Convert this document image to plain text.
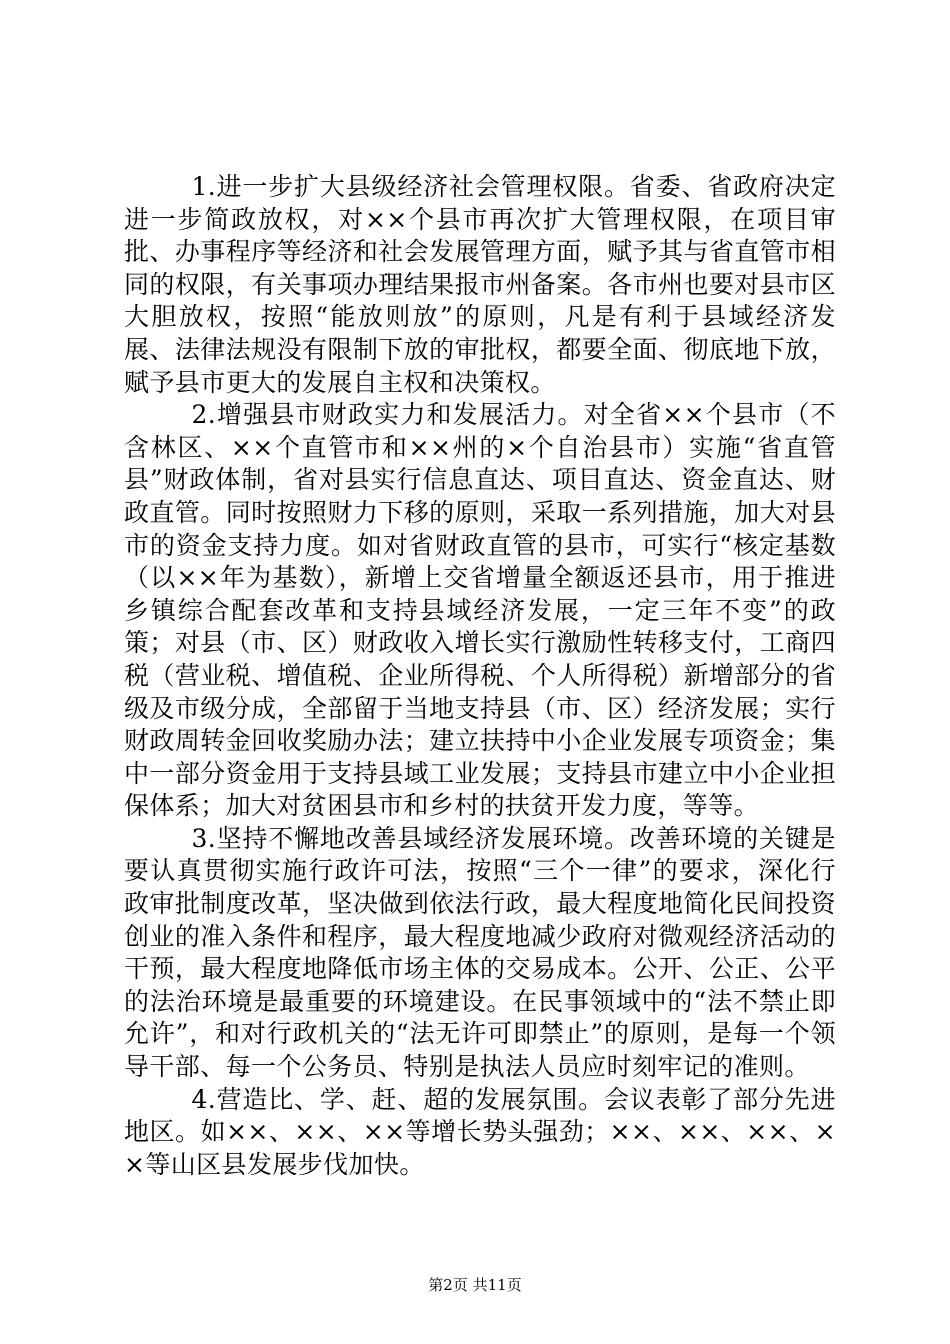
1.进一步扩大县级经济社会管理权限。省委、省政府决定进一步简政放权，对××个县市再次扩大管理权限，在项目审批、办事程序等经济和社会发展管理方面，赋予其与省直管市相同的权限，有关事项办理结果报市州备案。各市州也要对县市区大胆放权，按照“能放则放”的原则，凡是有利于县域经济发展、法律法规没有限制下放的审批权，都要全面、彻底地下放，赋予县市更大的发展自主权和决策权。

2.增强县市财政实力和发展活力。对全省××个县市（不含林区、××个直管市和××州的×个自治县市）实施“省直管县”财政体制，省对县实行信息直达、项目直达、资金直达、财政直管。同时按照财力下移的原则，采取一系列措施，加大对县市的资金支持力度。如对省财政直管的县市，可实行“核定基数（以××年为基数），新增上交省增量全额返还县市，用于推进乡镇综合配套改革和支持县域经济发展，一定三年不变”的政策；对县（市、区）财政收入增长实行激励性转移支付，工商四税（营业税、增值税、企业所得税、个人所得税）新增部分的省级及市级分成，全部留于当地支持县（市、区）经济发展；实行财政周转金回收奖励办法；建立扶持中小企业发展专项资金；集中一部分资金用于支持县域工业发展；支持县市建立中小企业担保体系；加大对贫困县市和乡村的扶贫开发力度，等等。

3.坚持不懈地改善县域经济发展环境。改善环境的关键是要认真贯彻实施行政许可法，按照“三个一律”的要求，深化行政审批制度改革，坚决做到依法行政，最大程度地简化民间投资创业的准入条件和程序，最大程度地减少政府对微观经济活动的干预，最大程度地降低市场主体的交易成本。公开、公正、公平的法治环境是最重要的环境建设。在民事领域中的“法不禁止即允许”，和对行政机关的“法无许可即禁止”的原则，是每一个领导干部、每一个公务员、特别是执法人员应时刻牢记的准则。

4.营造比、学、赶、超的发展氛围。会议表彰了部分先进地区。如××、××、××等增长势头强劲；××、××、××、××等山区县发展步伐加快。

第2页 共11页
